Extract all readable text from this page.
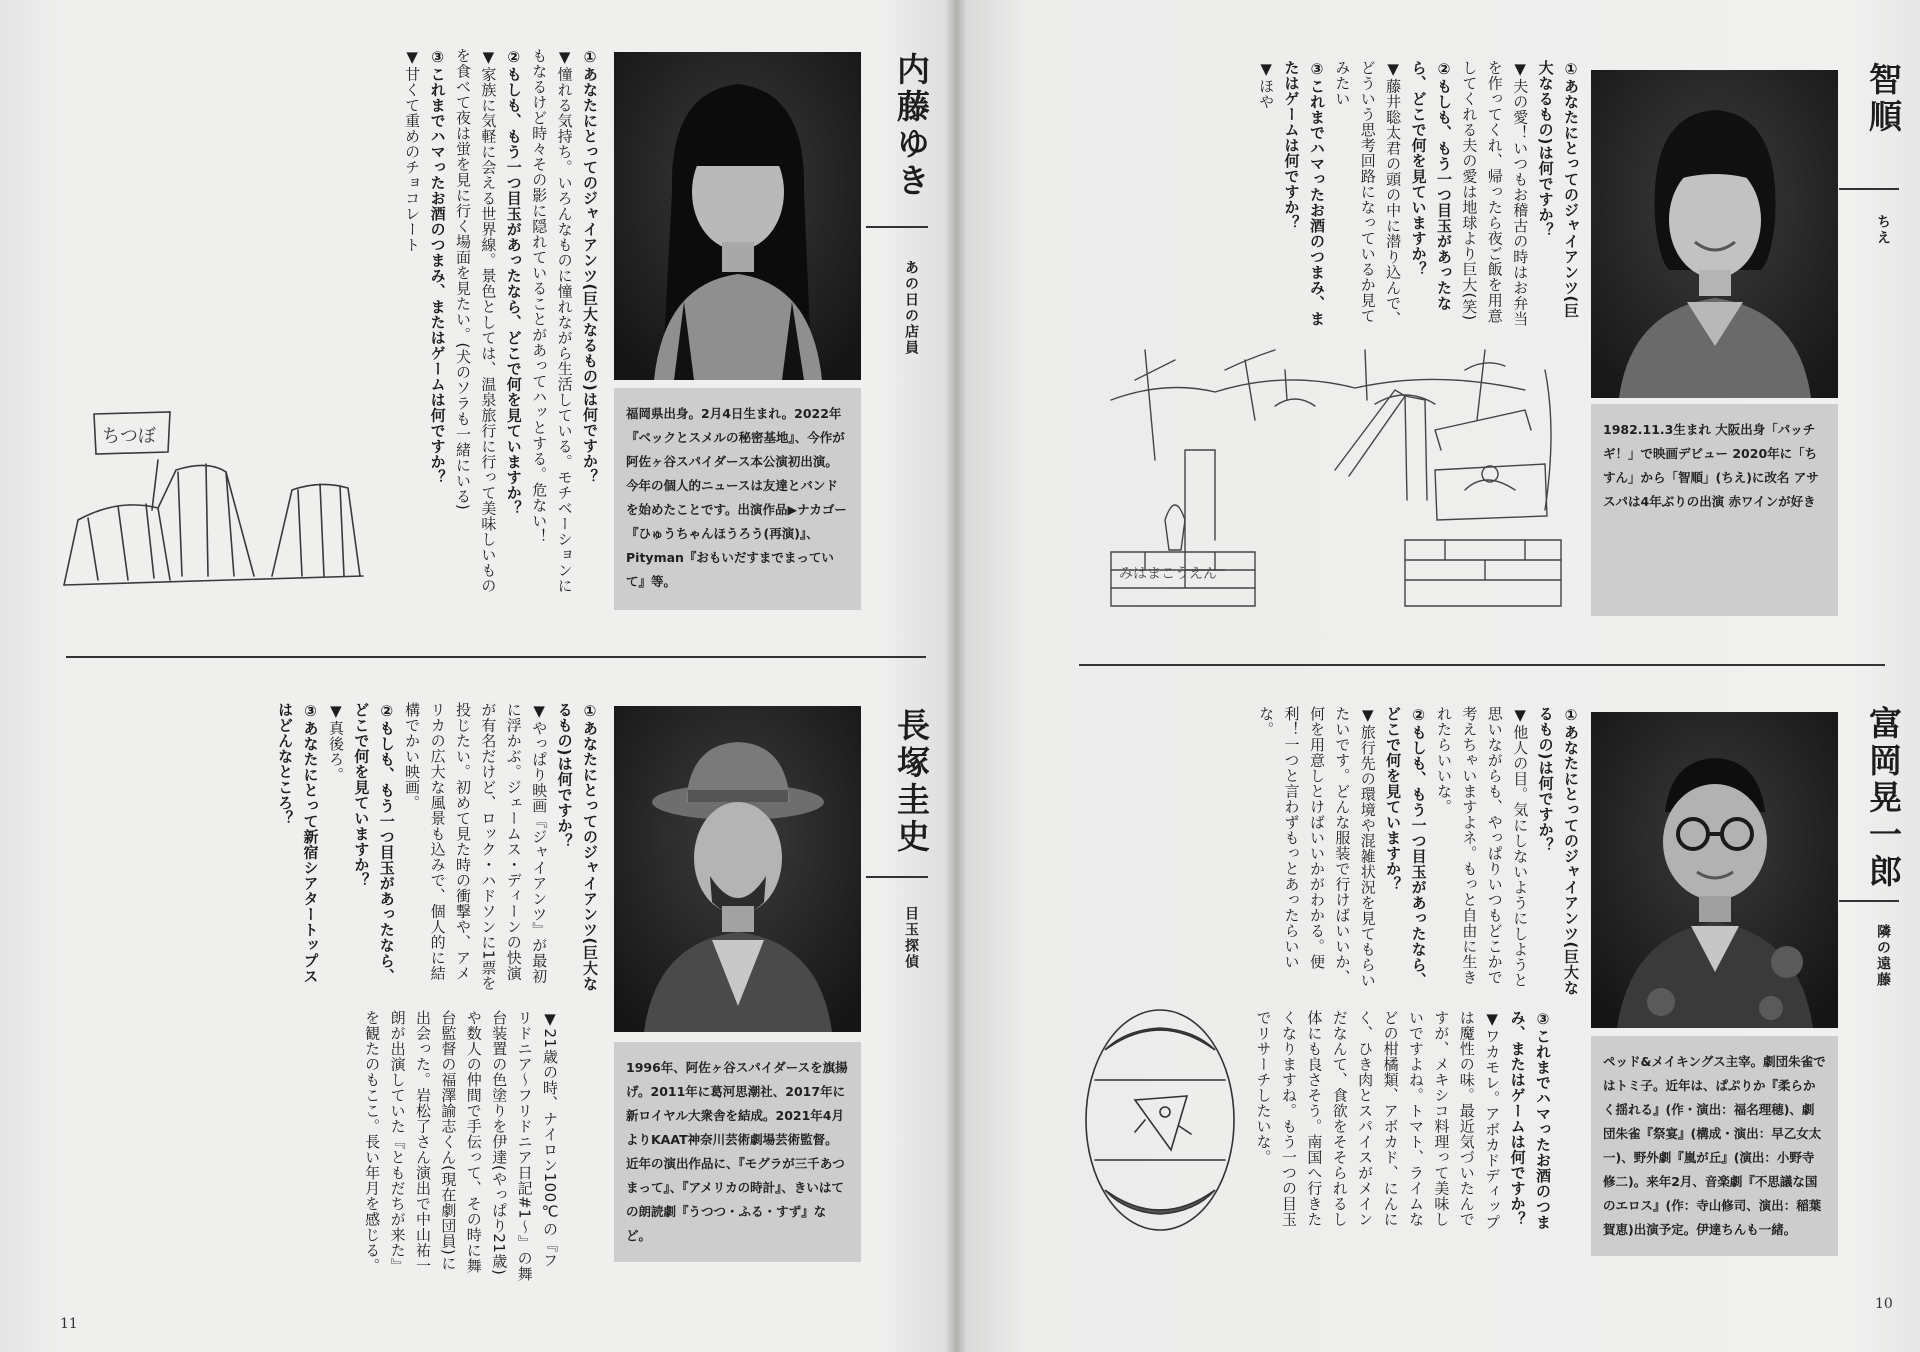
福岡県出身。2月4日生まれ。2022年『ベックとスメルの秘密基地』、今作が阿佐ヶ谷スパイダース本公演初出演。今年の個人的ニュースは友達とバンドを始めたことです。出演作品▶ナカゴー『ひゅうちゃんほうろう(再演)』、Pityman『おもいだすまでまっていて』等。
内藤ゆき
あの日の店員

①あなたにとってのジャイアンツ(巨大なるもの)は何ですか？

▼憧れる気持ち。いろんなものに憧れながら生活している。モチベーションにもなるけど時々その影に隠れていることがあってハッとする。危ない！

②もしも、もう一つ目玉があったなら、どこで何を見ていますか？

▼家族に気軽に会える世界線。景色としては、温泉旅行に行って美味しいものを食べて夜は蛍を見に行く場面を見たい。(犬のソラも一緒にいる)

③これまでハマったお酒のつまみ、またはゲームは何ですか？

▼甘くて重めのチョコレート

ちつぼ
1996年、阿佐ヶ谷スパイダースを旗揚げ。2011年に葛河思潮社、2017年に新ロイヤル大衆舎を結成。2021年4月よりKAAT神奈川芸術劇場芸術監督。近年の演出作品に、『モグラが三千あつまって』、『アメリカの時計』、きいはての朗読劇『うつつ・ふる・すず』など。
長塚圭史
目玉探偵

①あなたにとってのジャイアンツ(巨大なるもの)は何ですか？

▼やっぱり映画『ジャイアンツ』が最初に浮かぶ。ジェームス・ディーンの快演が有名だけど、ロック・ハドソンに1票を投じたい。初めて見た時の衝撃や、アメリカの広大な風景も込みで、個人的に結構でかい映画。

②もしも、もう一つ目玉があったなら、どこで何を見ていますか？

▼真後ろ。

③あなたにとって新宿シアタートップスはどんなところ？

▼21歳の時、ナイロン100℃の『フリドニア〜フリドニア日記#1〜』の舞台装置の色塗りを伊達(やっぱり21歳)や数人の仲間で手伝って、その時に舞台監督の福澤諭志くん(現在劇団員)に出会った。岩松了さん演出で中山祐一朗が出演していた『ともだちが来た』を観たのもここ。長い年月を感じる。

11
1982.11.3生まれ 大阪出身「パッチギ！」で映画デビュー 2020年に「ちすん」から「智順」(ちえ)に改名 アサスパは4年ぶりの出演 赤ワインが好き
智順
ちえ

①あなたにとってのジャイアンツ(巨大なるもの)は何ですか？

▼夫の愛！いつもお稽古の時はお弁当を作ってくれ、帰ったら夜ご飯を用意してくれる夫の愛は地球より巨大(笑)

②もしも、もう一つ目玉があったなら、どこで何を見ていますか？

▼藤井聡太君の頭の中に潜り込んで、どういう思考回路になっているか見てみたい

③これまでハマったお酒のつまみ、またはゲームは何ですか？

▼ほや

みはまこうえん
ペッド&メイキングス主宰。劇団朱雀ではトミ子。近年は、ぱぷりか『柔らかく揺れる』(作・演出：福名理穂)、劇団朱雀『祭宴』(構成・演出：早乙女太一)、野外劇『嵐が丘』(演出：小野寺修二)。来年2月、音楽劇『不思議な国のエロス』(作：寺山修司、演出：稲葉賀恵)出演予定。伊達ちんも一緒。
富岡晃一郎
隣の遠藤

①あなたにとってのジャイアンツ(巨大なるもの)は何ですか？

▼他人の目。気にしないようにしようと思いながらも、やっぱりいつもどこかで考えちゃいますよネ。もっと自由に生きれたらいいな。

②もしも、もう一つ目玉があったなら、どこで何を見ていますか？

▼旅行先の環境や混雑状況を見てもらいたいです。どんな服装で行けばいいか、何を用意しとけばいいかがわかる。便利！一つと言わずもっとあったらいいな。

③これまでハマったお酒のつまみ、またはゲームは何ですか？

▼ワカモレ。アボカドディップは魔性の味。最近気づいたんですが、メキシコ料理って美味しいですよね。トマト、ライムなどの柑橘類、アボカド、にんにく、ひき肉とスパイスがメインだなんて、食欲をそそられるし体にも良さそう。南国へ行きたくなりますね。もう一つの目玉でリサーチしたいな。

10
